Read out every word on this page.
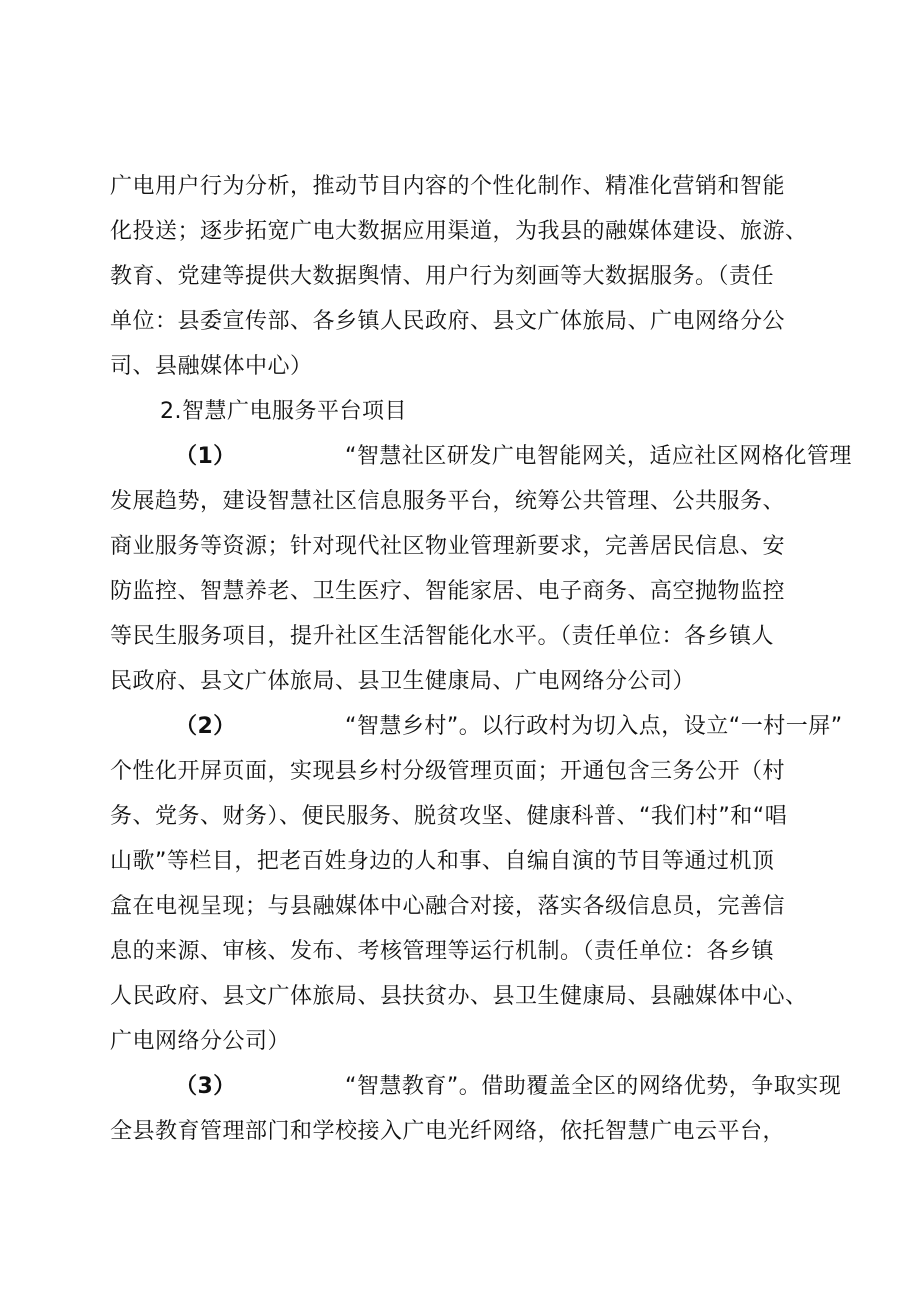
广电用户行为分析，推动节目内容的个性化制作、精准化营销和智能
化投送；逐步拓宽广电大数据应用渠道，为我县的融媒体建设、旅游、
教育、党建等提供大数据舆情、用户行为刻画等大数据服务。（责任
单位：县委宣传部、各乡镇人民政府、县文广体旅局、广电网络分公
司、县融媒体中心）
2.智慧广电服务平台项目
（1）	“智慧社区研发广电智能网关，适应社区网格化管理
发展趋势，建设智慧社区信息服务平台，统筹公共管理、公共服务、
商业服务等资源；针对现代社区物业管理新要求，完善居民信息、安
防监控、智慧养老、卫生医疗、智能家居、电子商务、高空抛物监控
等民生服务项目，提升社区生活智能化水平。（责任单位：各乡镇人
民政府、县文广体旅局、县卫生健康局、广电网络分公司）
（2）	“智慧乡村”。以行政村为切入点，设立“一村一屏”
个性化开屏页面，实现县乡村分级管理页面；开通包含三务公开（村
务、党务、财务）、便民服务、脱贫攻坚、健康科普、“我们村”和“唱
山歌”等栏目，把老百姓身边的人和事、自编自演的节目等通过机顶
盒在电视呈现；与县融媒体中心融合对接，落实各级信息员，完善信
息的来源、审核、发布、考核管理等运行机制。（责任单位：各乡镇
人民政府、县文广体旅局、县扶贫办、县卫生健康局、县融媒体中心、
广电网络分公司）
（3）	“智慧教育”。借助覆盖全区的网络优势，争取实现
全县教育管理部门和学校接入广电光纤网络，依托智慧广电云平台，
